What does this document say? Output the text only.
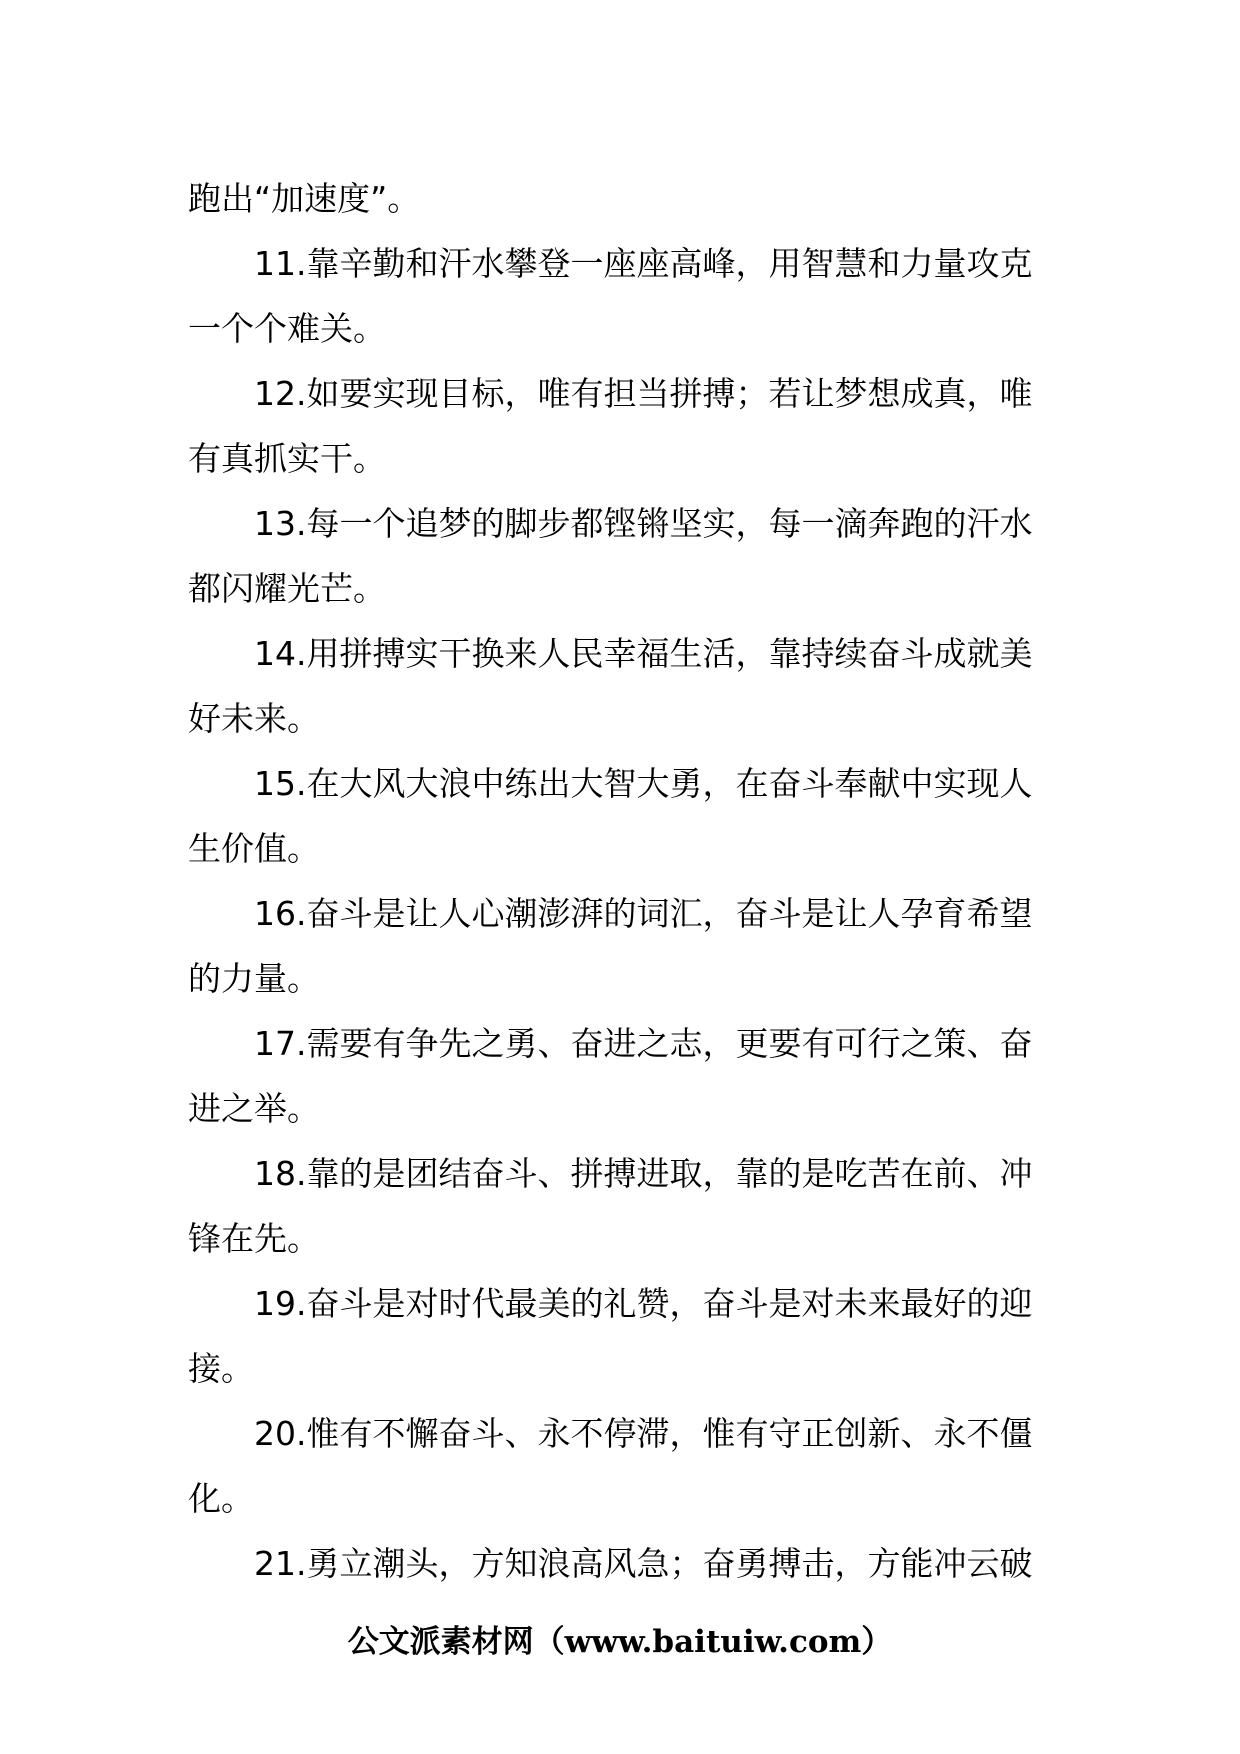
跑出“加速度”。
11.靠辛勤和汗水攀登一座座高峰，用智慧和力量攻克
一个个难关。
12.如要实现目标，唯有担当拼搏；若让梦想成真，唯
有真抓实干。
13.每一个追梦的脚步都铿锵坚实，每一滴奔跑的汗水
都闪耀光芒。
14.用拼搏实干换来人民幸福生活，靠持续奋斗成就美
好未来。
15.在大风大浪中练出大智大勇，在奋斗奉献中实现人
生价值。
16.奋斗是让人心潮澎湃的词汇，奋斗是让人孕育希望
的力量。
17.需要有争先之勇、奋进之志，更要有可行之策、奋
进之举。
18.靠的是团结奋斗、拼搏进取，靠的是吃苦在前、冲
锋在先。
19.奋斗是对时代最美的礼赞，奋斗是对未来最好的迎
接。
20.惟有不懈奋斗、永不停滞，惟有守正创新、永不僵
化。
21.勇立潮头，方知浪高风急；奋勇搏击，方能冲云破
公文派素材网（www.baituiw.com）
